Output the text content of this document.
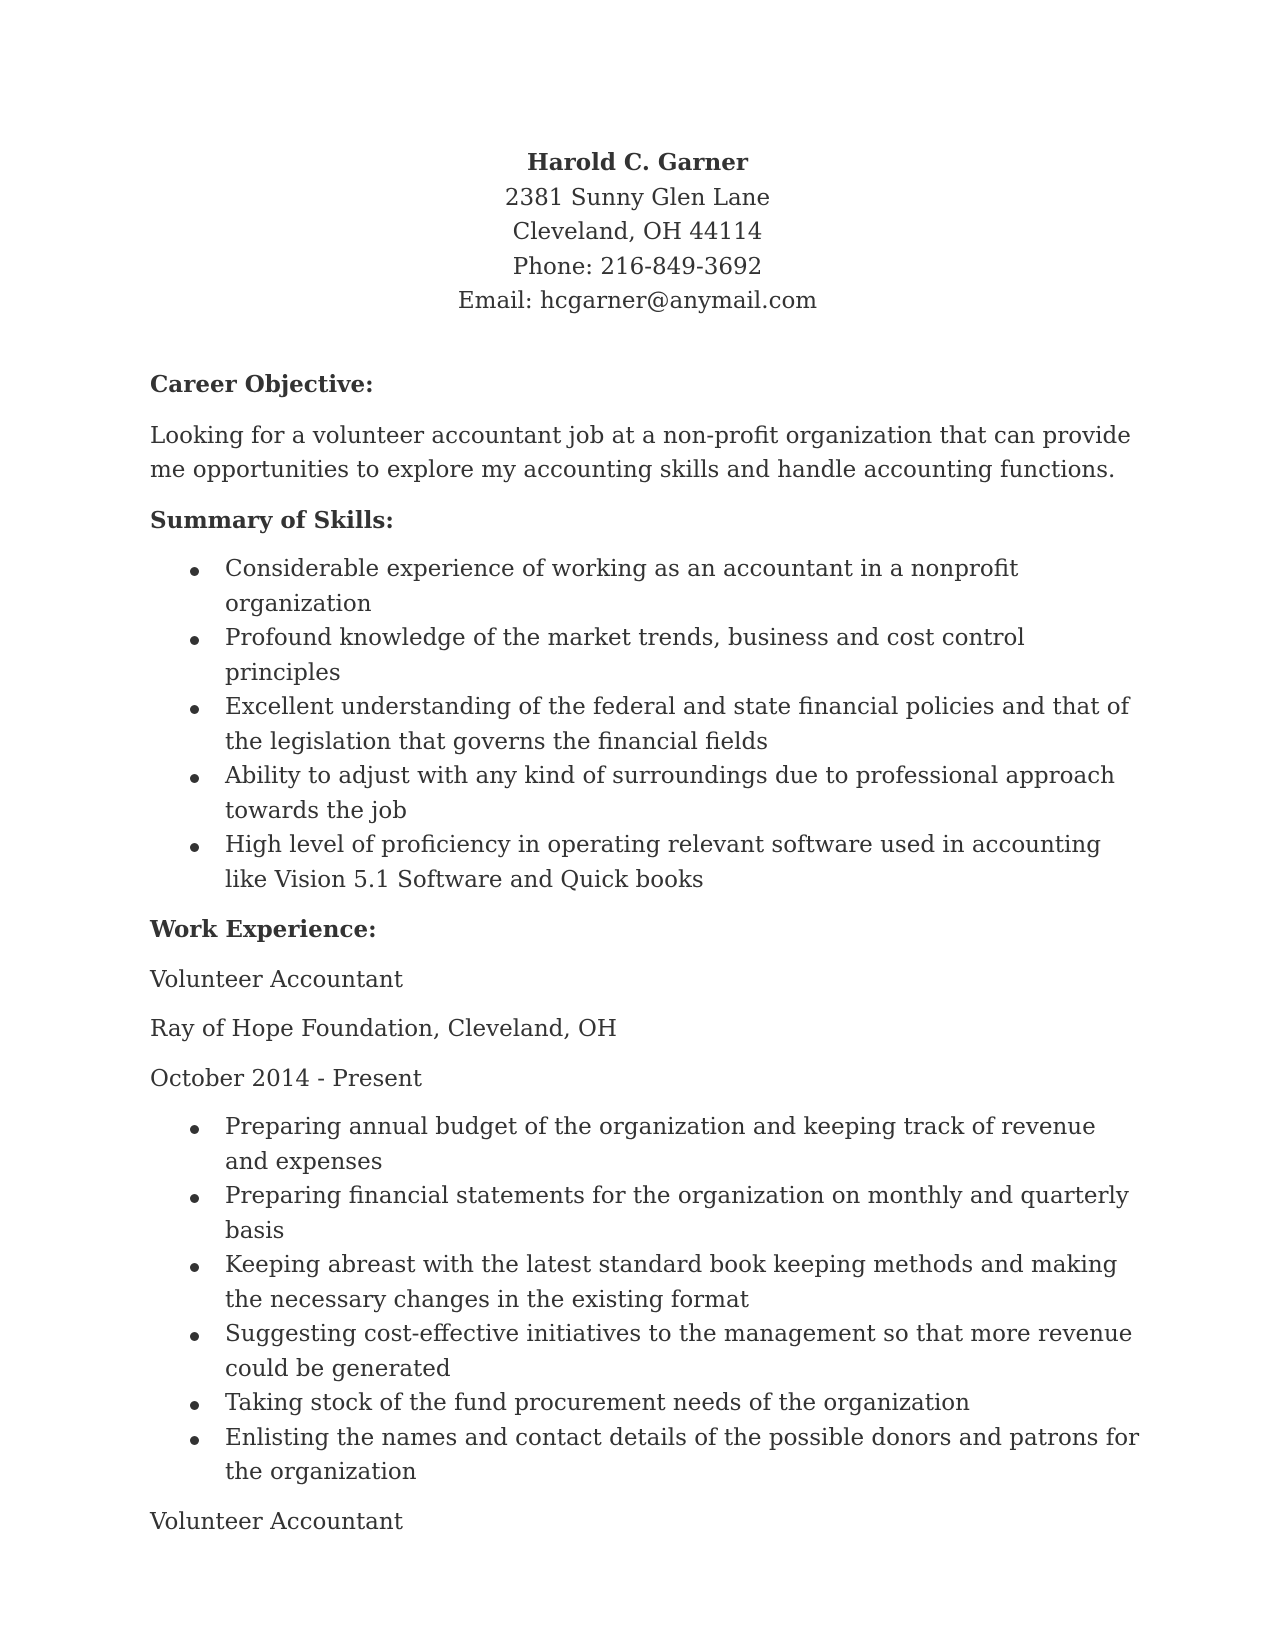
Harold C. Garner
2381 Sunny Glen Lane
Cleveland, OH 44114
Phone: 216-849-3692
Email: hcgarner@anymail.com

Career Objective:

Looking for a volunteer accountant job at a non-profit organization that can provide me opportunities to explore my accounting skills and handle accounting functions.

Summary of Skills:

Considerable experience of working as an accountant in a nonprofit organization
Profound knowledge of the market trends, business and cost control principles
Excellent understanding of the federal and state financial policies and that of the legislation that governs the financial fields
Ability to adjust with any kind of surroundings due to professional approach towards the job
High level of proficiency in operating relevant software used in accounting like Vision 5.1 Software and Quick books

Work Experience:

Volunteer Accountant

Ray of Hope Foundation, Cleveland, OH

October 2014 - Present

Preparing annual budget of the organization and keeping track of revenue and expenses
Preparing financial statements for the organization on monthly and quarterly basis
Keeping abreast with the latest standard book keeping methods and making the necessary changes in the existing format
Suggesting cost-effective initiatives to the management so that more revenue could be generated
Taking stock of the fund procurement needs of the organization
Enlisting the names and contact details of the possible donors and patrons for the organization

Volunteer Accountant
